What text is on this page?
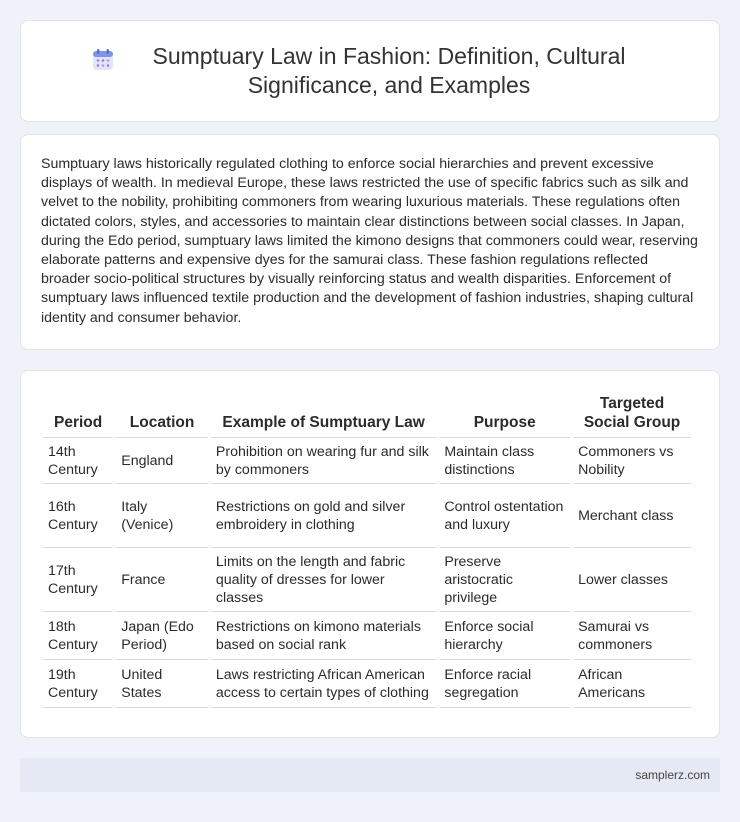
Sumptuary Law in Fashion: Definition, Cultural Significance, and Examples

Sumptuary laws historically regulated clothing to enforce social hierarchies and prevent excessive displays of wealth. In medieval Europe, these laws restricted the use of specific fabrics such as silk and velvet to the nobility, prohibiting commoners from wearing luxurious materials. These regulations often dictated colors, styles, and accessories to maintain clear distinctions between social classes. In Japan, during the Edo period, sumptuary laws limited the kimono designs that commoners could wear, reserving elaborate patterns and expensive dyes for the samurai class. These fashion regulations reflected broader socio-political structures by visually reinforcing status and wealth disparities. Enforcement of sumptuary laws influenced textile production and the development of fashion industries, shaping cultural identity and consumer behavior.

Period	Location	Example of Sumptuary Law	Purpose	Targeted Social Group
14th Century	England	Prohibition on wearing fur and silk by commoners	Maintain class distinctions	Commoners vs Nobility
16th Century	Italy (Venice)	Restrictions on gold and silver embroidery in clothing	Control ostentation and luxury	Merchant class
17th Century	France	Limits on the length and fabric quality of dresses for lower classes	Preserve aristocratic privilege	Lower classes
18th Century	Japan (Edo Period)	Restrictions on kimono materials based on social rank	Enforce social hierarchy	Samurai vs commoners
19th Century	United States	Laws restricting African American access to certain types of clothing	Enforce racial segregation	African Americans
samplerz.com
